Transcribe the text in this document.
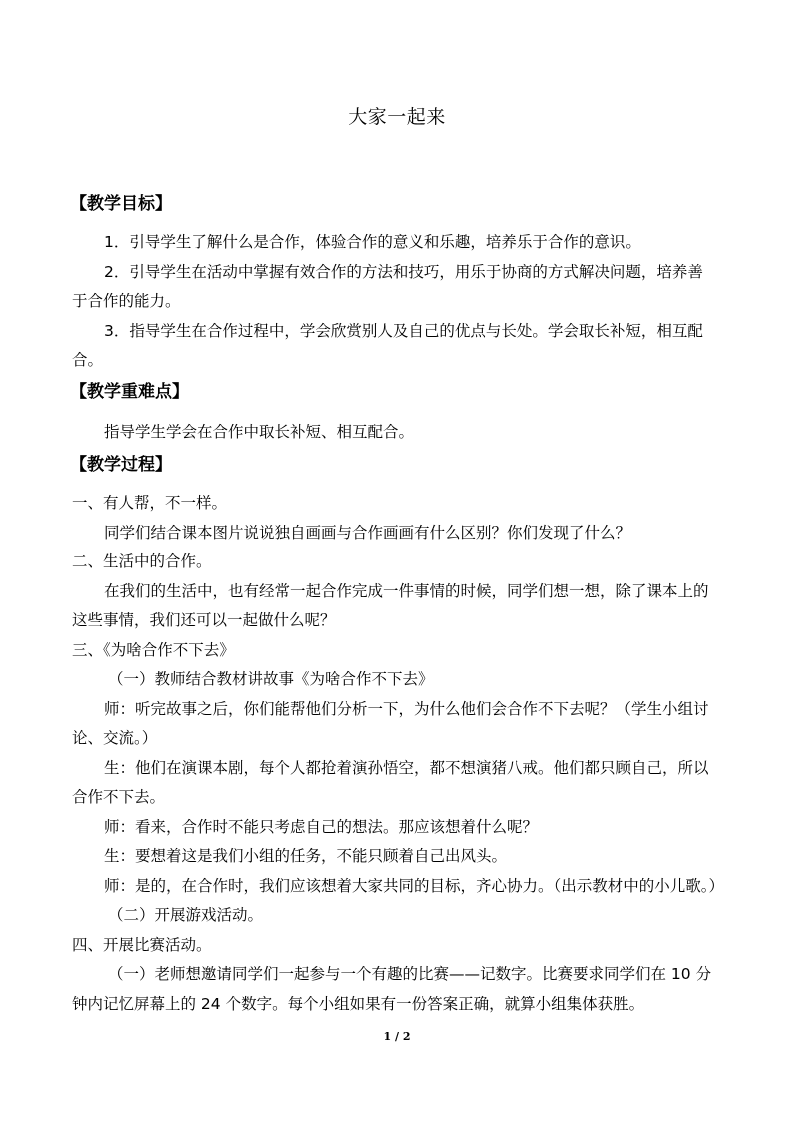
大家一起来
【教学目标】
1．引导学生了解什么是合作，体验合作的意义和乐趣，培养乐于合作的意识。
2．引导学生在活动中掌握有效合作的方法和技巧，用乐于协商的方式解决问题，培养善
于合作的能力。
3．指导学生在合作过程中，学会欣赏别人及自己的优点与长处。学会取长补短，相互配
合。
【教学重难点】
指导学生学会在合作中取长补短、相互配合。
【教学过程】
一、有人帮，不一样。
同学们结合课本图片说说独自画画与合作画画有什么区别？你们发现了什么？
二、生活中的合作。
在我们的生活中，也有经常一起合作完成一件事情的时候，同学们想一想，除了课本上的
这些事情，我们还可以一起做什么呢？
三、《为啥合作不下去》
（一）教师结合教材讲故事《为啥合作不下去》
师：听完故事之后，你们能帮他们分析一下，为什么他们会合作不下去呢？（学生小组讨
论、交流。）
生：他们在演课本剧，每个人都抢着演孙悟空，都不想演猪八戒。他们都只顾自己，所以
合作不下去。
师：看来，合作时不能只考虑自己的想法。那应该想着什么呢？
生：要想着这是我们小组的任务，不能只顾着自己出风头。
师：是的，在合作时，我们应该想着大家共同的目标，齐心协力。（出示教材中的小儿歌。）
（二）开展游戏活动。
四、开展比赛活动。
（一）老师想邀请同学们一起参与一个有趣的比赛——记数字。比赛要求同学们在 10 分
钟内记忆屏幕上的 24 个数字。每个小组如果有一份答案正确，就算小组集体获胜。
1 / 2
